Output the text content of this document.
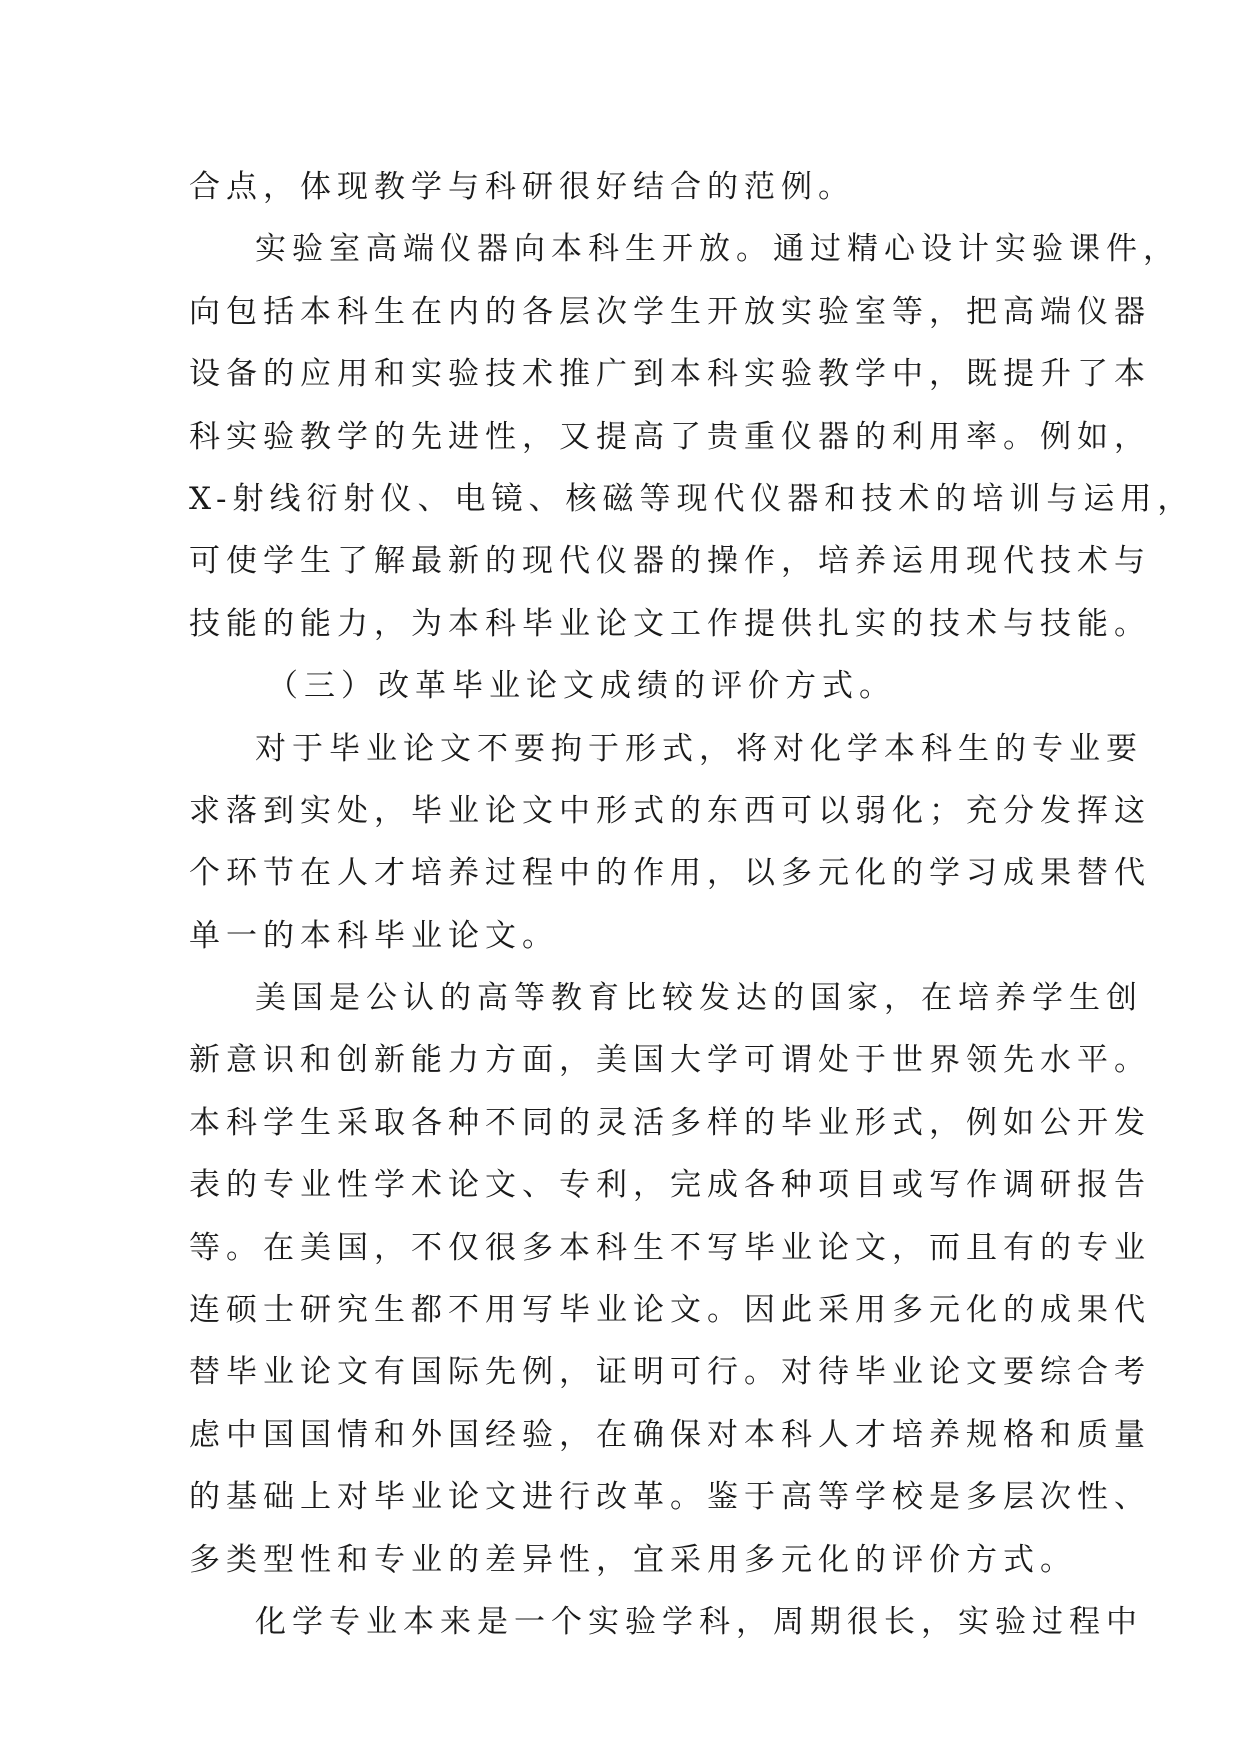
合点，体现教学与科研很好结合的范例。
实验室高端仪器向本科生开放。通过精心设计实验课件，
向包括本科生在内的各层次学生开放实验室等，把高端仪器
设备的应用和实验技术推广到本科实验教学中，既提升了本
科实验教学的先进性，又提高了贵重仪器的利用率。例如，
X-射线衍射仪、电镜、核磁等现代仪器和技术的培训与运用，
可使学生了解最新的现代仪器的操作，培养运用现代技术与
技能的能力，为本科毕业论文工作提供扎实的技术与技能。
（三）改革毕业论文成绩的评价方式。
对于毕业论文不要拘于形式，将对化学本科生的专业要
求落到实处，毕业论文中形式的东西可以弱化；充分发挥这
个环节在人才培养过程中的作用，以多元化的学习成果替代
单一的本科毕业论文。
美国是公认的高等教育比较发达的国家，在培养学生创
新意识和创新能力方面，美国大学可谓处于世界领先水平。
本科学生采取各种不同的灵活多样的毕业形式，例如公开发
表的专业性学术论文、专利，完成各种项目或写作调研报告
等。在美国，不仅很多本科生不写毕业论文，而且有的专业
连硕士研究生都不用写毕业论文。因此采用多元化的成果代
替毕业论文有国际先例，证明可行。对待毕业论文要综合考
虑中国国情和外国经验，在确保对本科人才培养规格和质量
的基础上对毕业论文进行改革。鉴于高等学校是多层次性、
多类型性和专业的差异性，宜采用多元化的评价方式。
化学专业本来是一个实验学科，周期很长，实验过程中
